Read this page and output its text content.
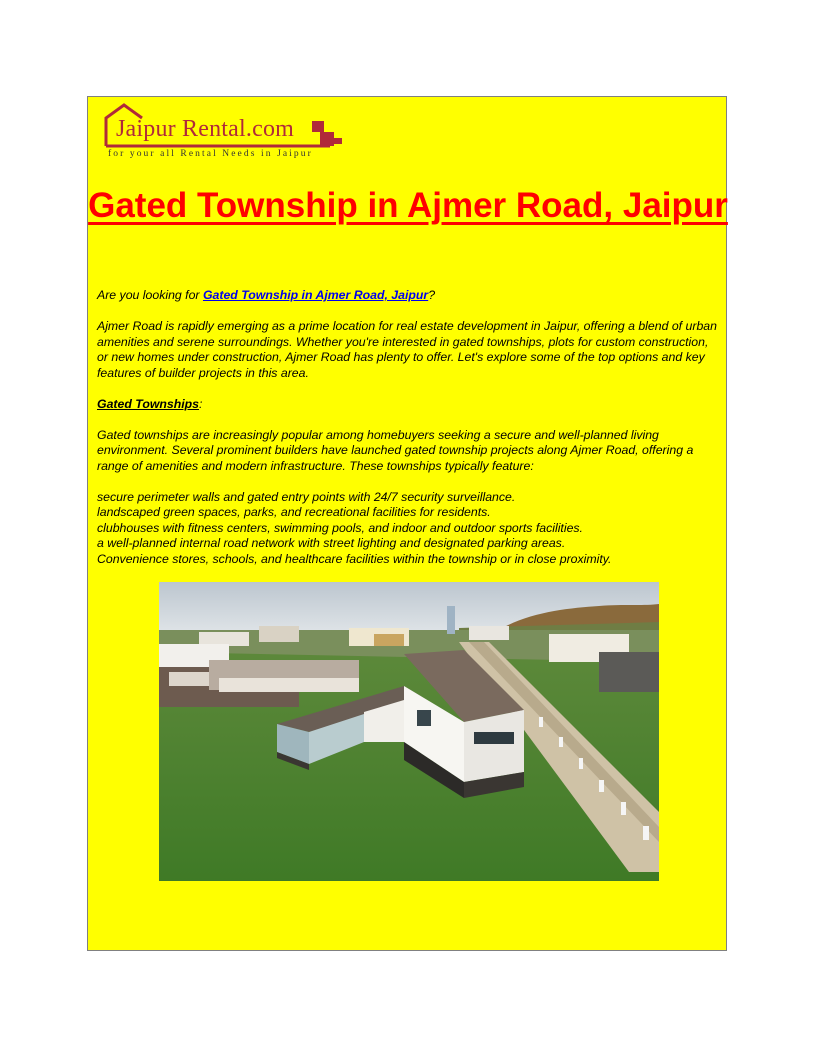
Jaipur Rental.com
for your all Rental Needs in Jaipur
Gated Township in Ajmer Road, Jaipur

Are you looking for Gated Township in Ajmer Road, Jaipur?

Ajmer Road is rapidly emerging as a prime location for real estate development in Jaipur, offering a blend of urban amenities and serene surroundings. Whether you're interested in gated townships, plots for custom construction, or new homes under construction, Ajmer Road has plenty to offer. Let's explore some of the top options and key features of builder projects in this area.

Gated Townships:

Gated townships are increasingly popular among homebuyers seeking a secure and well-planned living environment. Several prominent builders have launched gated township projects along Ajmer Road, offering a range of amenities and modern infrastructure. These townships typically feature:

secure perimeter walls and gated entry points with 24/7 security surveillance.

landscaped green spaces, parks, and recreational facilities for residents.

clubhouses with fitness centers, swimming pools, and indoor and outdoor sports facilities.

a well-planned internal road network with street lighting and designated parking areas.

Convenience stores, schools, and healthcare facilities within the township or in close proximity.
